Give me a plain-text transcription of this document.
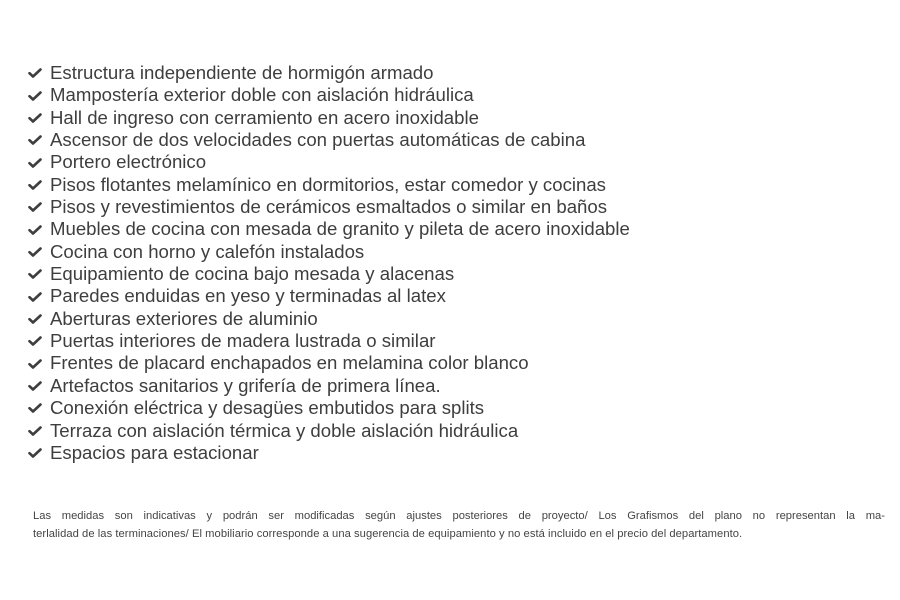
Estructura independiente de hormigón armado
Mampostería exterior doble con aislación hidráulica
Hall de ingreso con cerramiento en acero inoxidable
Ascensor de dos velocidades con puertas automáticas de cabina
Portero electrónico
Pisos flotantes melamínico en dormitorios, estar comedor y cocinas
Pisos y revestimientos de cerámicos esmaltados o similar en baños
Muebles de cocina con mesada de granito y pileta de acero inoxidable
Cocina con horno y calefón instalados
Equipamiento de cocina bajo mesada y alacenas
Paredes enduidas en yeso y terminadas al latex
Aberturas exteriores de aluminio
Puertas interiores de madera lustrada o similar
Frentes de placard enchapados en melamina color blanco
Artefactos sanitarios y grifería de primera línea.
Conexión eléctrica y desagües embutidos para splits
Terraza con aislación térmica y doble aislación hidráulica
Espacios para estacionar
Las medidas son indicativas y podrán ser modificadas según ajustes posteriores de proyecto/ Los Grafismos del plano no representan la ma-
terlalidad de las terminaciones/ El mobiliario corresponde a una sugerencia de equipamiento y no está incluido en el precio del departamento.
